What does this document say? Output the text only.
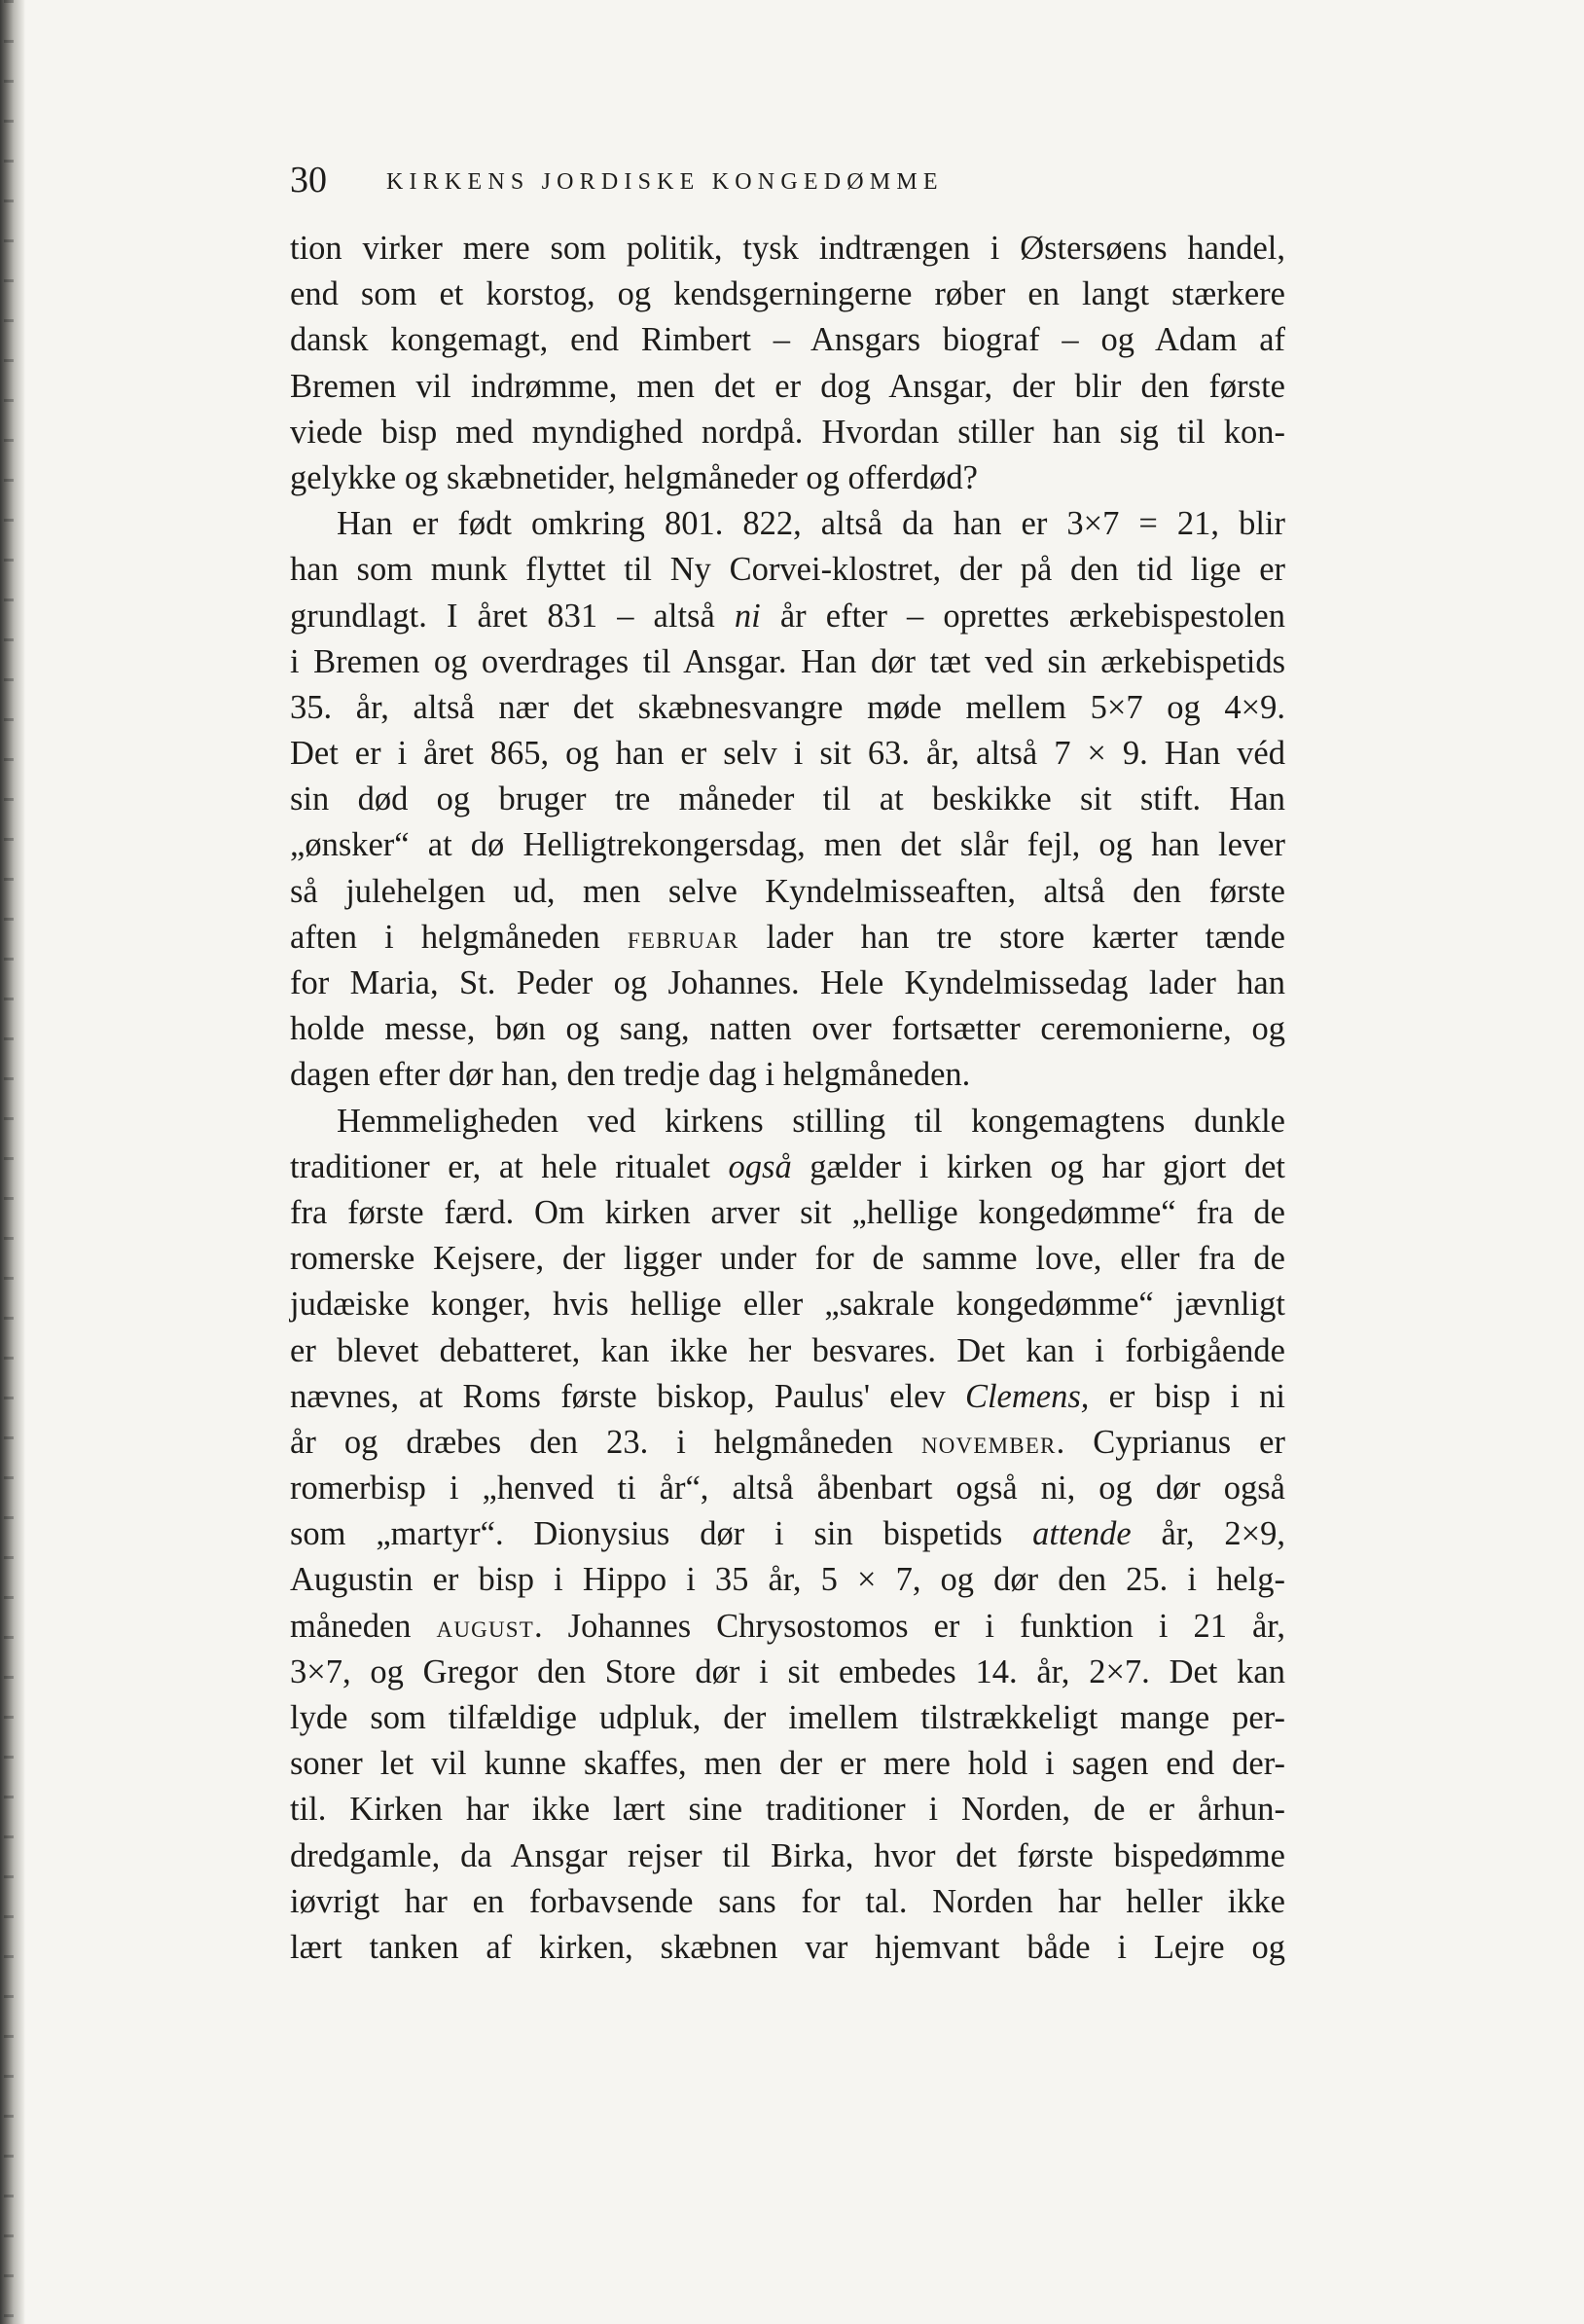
30	KIRKENS JORDISKE KONGEDØMME
tion virker mere som politik, tysk indtrængen i Østersøens handel,
end som et korstog, og kendsgerningerne røber en langt stærkere
dansk kongemagt, end Rimbert – Ansgars biograf – og Adam af
Bremen vil indrømme, men det er dog Ansgar, der blir den første
viede bisp med myndighed nordpå. Hvordan stiller han sig til kon-
gelykke og skæbnetider, helgmåneder og offerdød?
Han er født omkring 801. 822, altså da han er 3×7 = 21, blir
han som munk flyttet til Ny Corvei-klostret, der på den tid lige er
grundlagt. I året 831 – altså ni år efter – oprettes ærkebispestolen
i Bremen og overdrages til Ansgar. Han dør tæt ved sin ærkebispetids
35. år, altså nær det skæbnesvangre møde mellem 5×7 og 4×9.
Det er i året 865, og han er selv i sit 63. år, altså 7 × 9. Han véd
sin død og bruger tre måneder til at beskikke sit stift. Han
„ønsker“ at dø Helligtrekongersdag, men det slår fejl, og han lever
så julehelgen ud, men selve Kyndelmisseaften, altså den første
aften i helgmåneden FEBRUAR lader han tre store kærter tænde
for Maria, St. Peder og Johannes. Hele Kyndelmissedag lader han
holde messe, bøn og sang, natten over fortsætter ceremonierne, og
dagen efter dør han, den tredje dag i helgmåneden.
Hemmeligheden ved kirkens stilling til kongemagtens dunkle
traditioner er, at hele ritualet også gælder i kirken og har gjort det
fra første færd. Om kirken arver sit „hellige kongedømme“ fra de
romerske Kejsere, der ligger under for de samme love, eller fra de
judæiske konger, hvis hellige eller „sakrale kongedømme“ jævnligt
er blevet debatteret, kan ikke her besvares. Det kan i forbigående
nævnes, at Roms første biskop, Paulus' elev Clemens, er bisp i ni
år og dræbes den 23. i helgmåneden NOVEMBER. Cyprianus er
romerbisp i „henved ti år“, altså åbenbart også ni, og dør også
som „martyr“. Dionysius dør i sin bispetids attende år, 2×9,
Augustin er bisp i Hippo i 35 år, 5 × 7, og dør den 25. i helg-
måneden AUGUST. Johannes Chrysostomos er i funktion i 21 år,
3×7, og Gregor den Store dør i sit embedes 14. år, 2×7. Det kan
lyde som tilfældige udpluk, der imellem tilstrækkeligt mange per-
soner let vil kunne skaffes, men der er mere hold i sagen end der-
til. Kirken har ikke lært sine traditioner i Norden, de er århun-
dredgamle, da Ansgar rejser til Birka, hvor det første bispedømme
iøvrigt har en forbavsende sans for tal. Norden har heller ikke
lært tanken af kirken, skæbnen var hjemvant både i Lejre og
